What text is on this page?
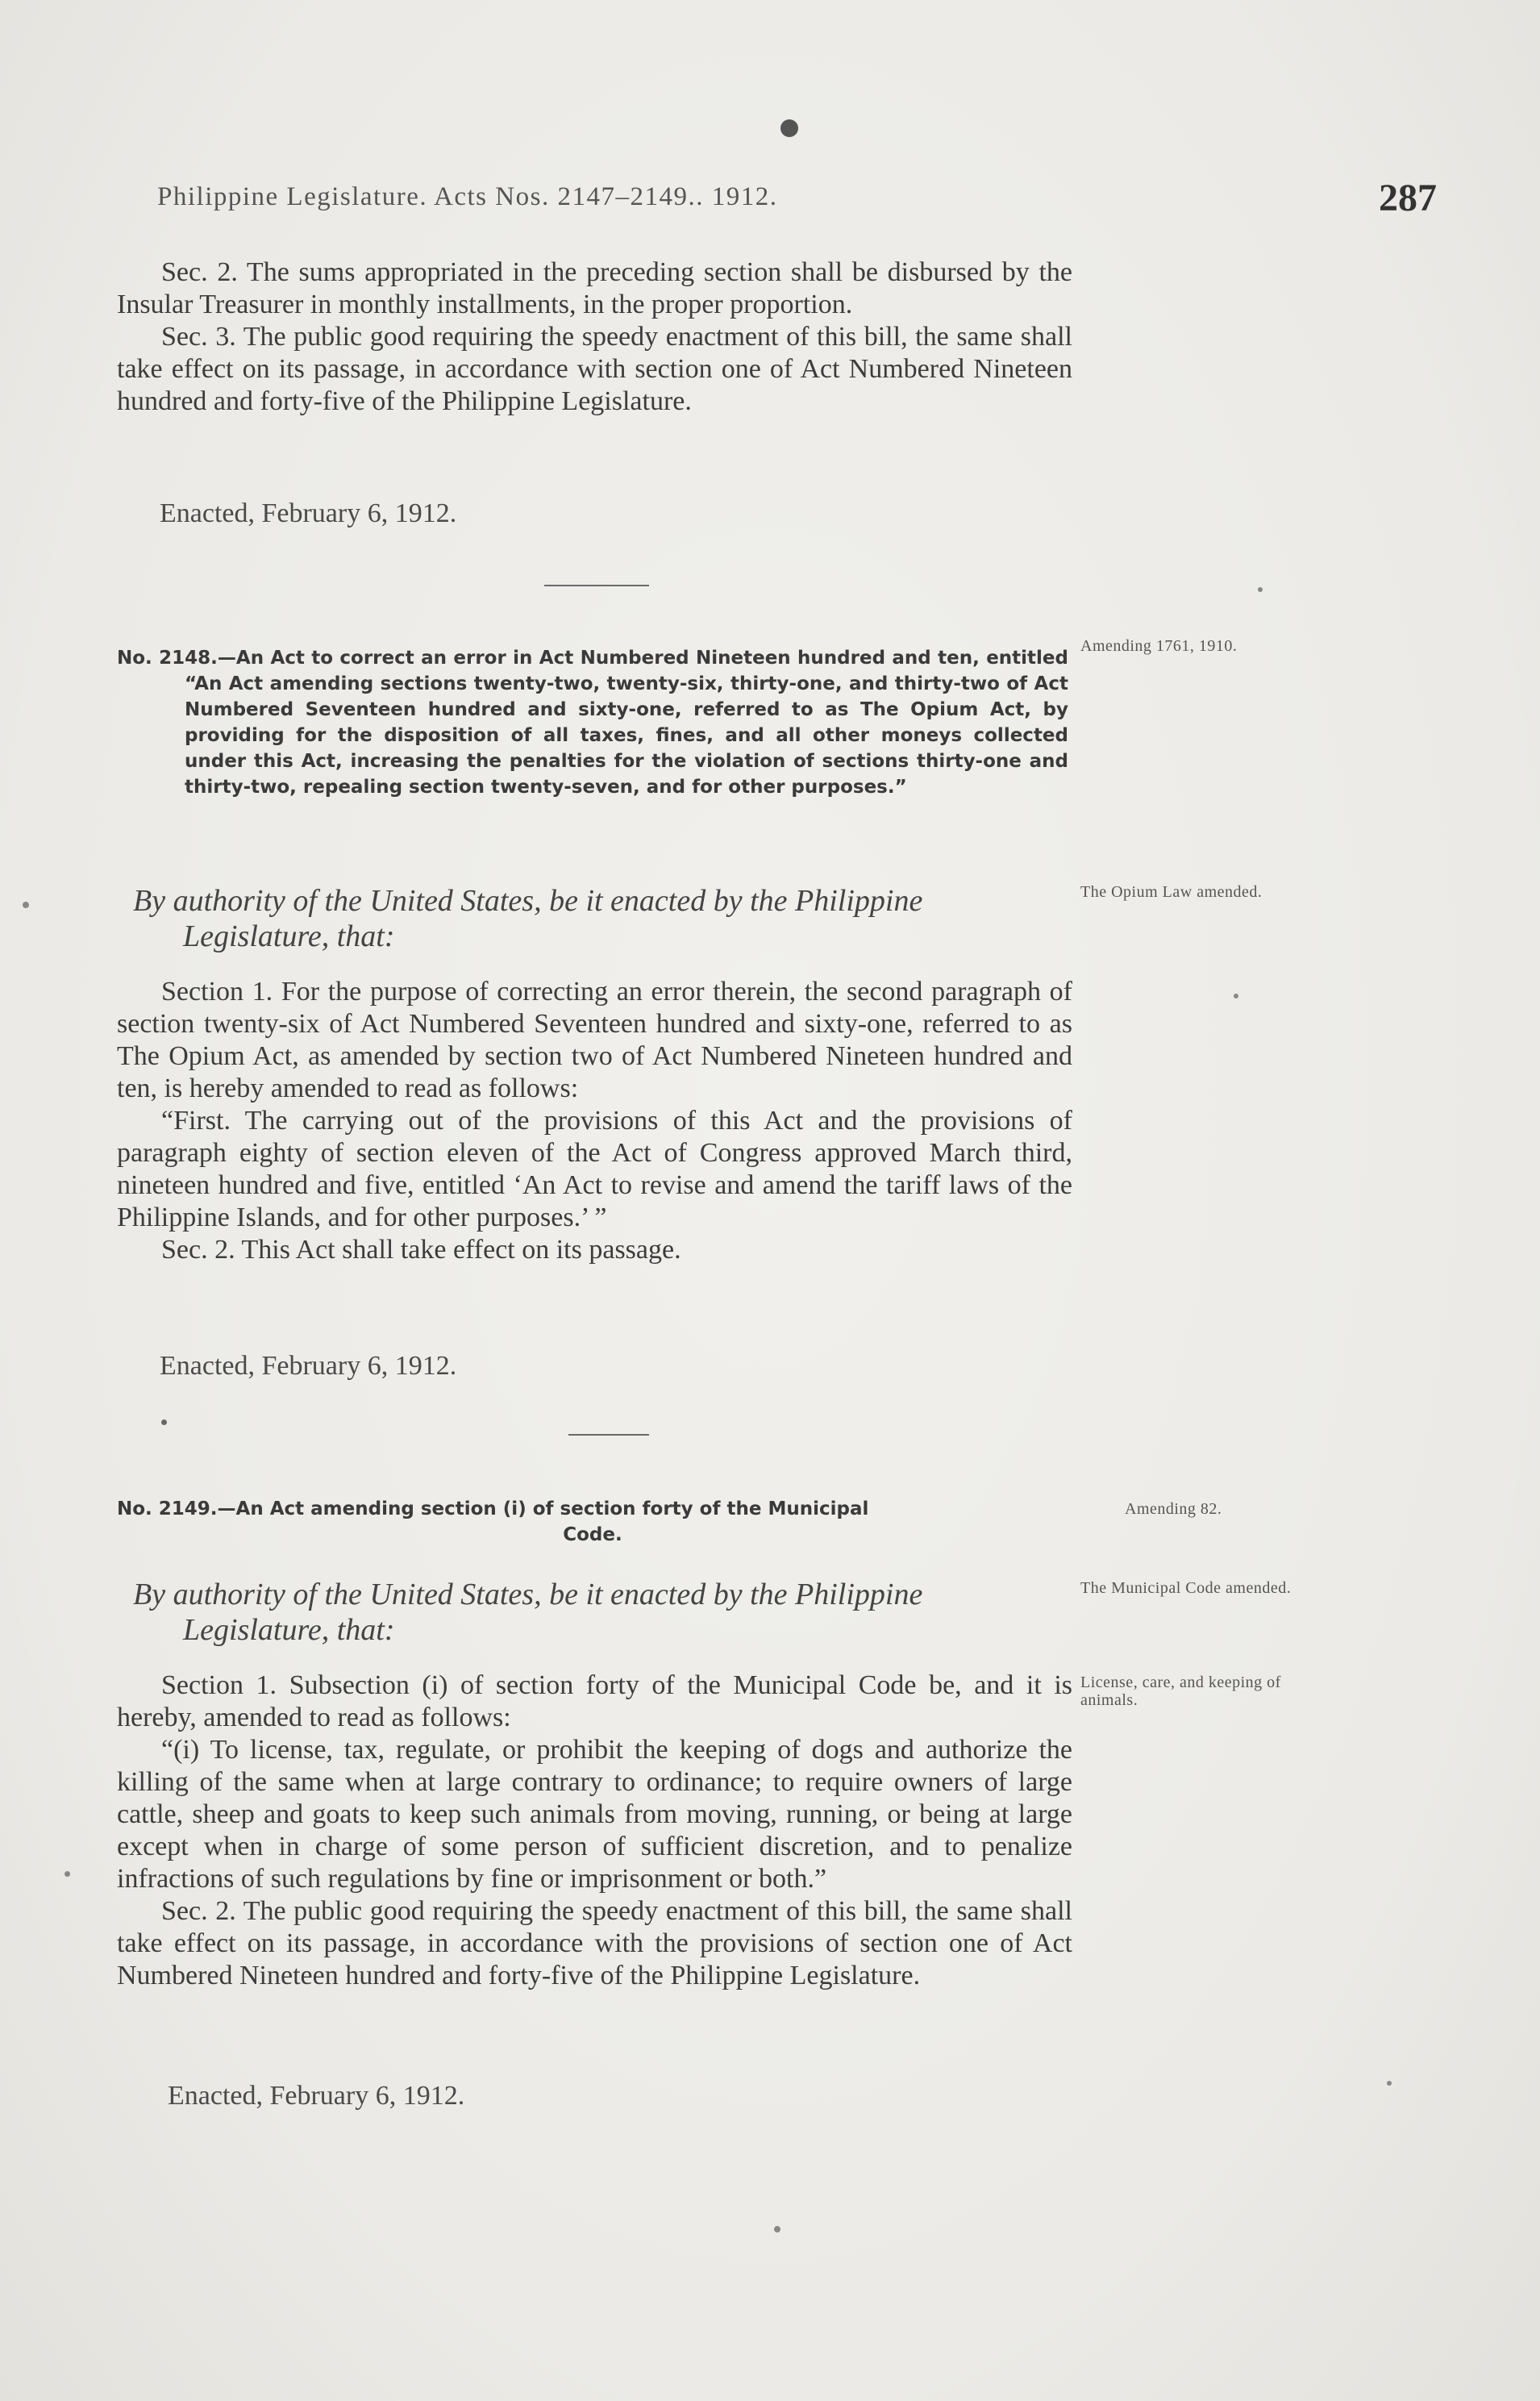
Philippine Legislature. Acts Nos. 2147–2149.. 1912.	287

Sec. 2. The sums appropriated in the preceding section shall be disbursed by the Insular Treasurer in monthly installments, in the proper proportion.

Sec. 3. The public good requiring the speedy enactment of this bill, the same shall take effect on its passage, in accordance with section one of Act Numbered Nineteen hundred and forty-five of the Philippine Legislature.

Enacted, February 6, 1912.
No. 2148.—An Act to correct an error in Act Numbered Nineteen hundred and ten, entitled “An Act amending sections twenty-two, twenty-six, thirty-one, and thirty-two of Act Numbered Seventeen hundred and sixty-one, referred to as The Opium Act, by providing for the disposition of all taxes, fines, and all other moneys collected under this Act, increasing the penalties for the violation of sections thirty-one and thirty-two, repealing section twenty-seven, and for other purposes.”
Amending 1761, 1910.
By authority of the United States, be it enacted by the Philippine
Legislature, that:
The Opium Law amended.

Section 1. For the purpose of correcting an error therein, the second paragraph of section twenty-six of Act Numbered Seventeen hundred and sixty-one, referred to as The Opium Act, as amended by section two of Act Numbered Nineteen hundred and ten, is hereby amended to read as follows:

“First. The carrying out of the provisions of this Act and the provisions of paragraph eighty of section eleven of the Act of Congress approved March third, nineteen hundred and five, entitled ‘An Act to revise and amend the tariff laws of the Philippine Islands, and for other purposes.’ ”

Sec. 2. This Act shall take effect on its passage.

Enacted, February 6, 1912.
No. 2149.—An Act amending section (i) of section forty of the Municipal
Code.
Amending 82.
By authority of the United States, be it enacted by the Philippine
Legislature, that:
The Municipal Code amended.
License, care, and keeping of animals.

Section 1. Subsection (i) of section forty of the Municipal Code be, and it is hereby, amended to read as follows:

“(i) To license, tax, regulate, or prohibit the keeping of dogs and authorize the killing of the same when at large contrary to ordinance; to require owners of large cattle, sheep and goats to keep such animals from moving, running, or being at large except when in charge of some person of sufficient discretion, and to penalize infractions of such regulations by fine or imprisonment or both.”

Sec. 2. The public good requiring the speedy enactment of this bill, the same shall take effect on its passage, in accordance with the provisions of section one of Act Numbered Nineteen hundred and forty-five of the Philippine Legislature.

Enacted, February 6, 1912.
